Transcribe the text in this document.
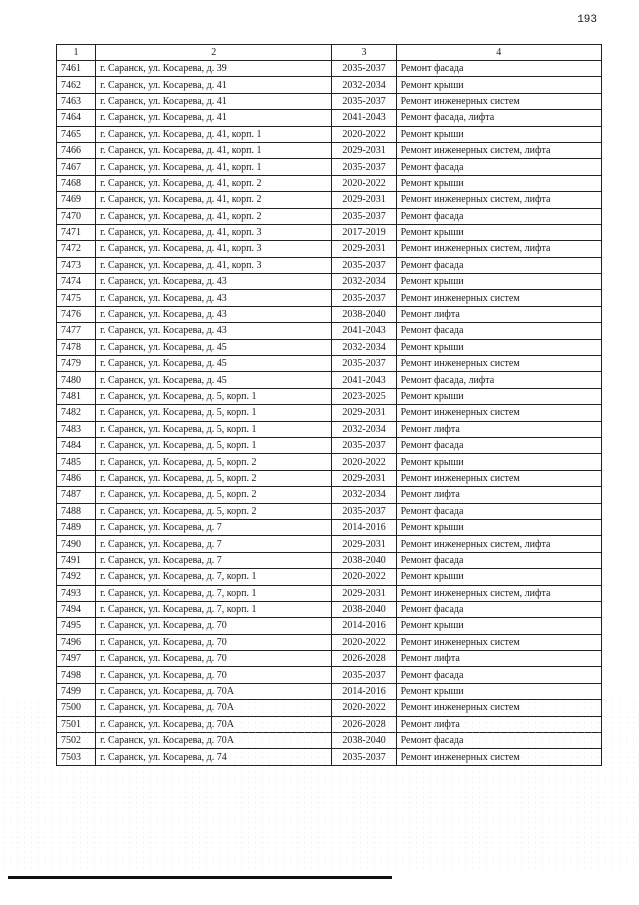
193
1	2	3	4
7461	г. Саранск, ул. Косарева, д. 39	2035-2037	Ремонт фасада
7462	г. Саранск, ул. Косарева, д. 41	2032-2034	Ремонт крыши
7463	г. Саранск, ул. Косарева, д. 41	2035-2037	Ремонт инженерных систем
7464	г. Саранск, ул. Косарева, д. 41	2041-2043	Ремонт фасада, лифта
7465	г. Саранск, ул. Косарева, д. 41, корп. 1	2020-2022	Ремонт крыши
7466	г. Саранск, ул. Косарева, д. 41, корп. 1	2029-2031	Ремонт инженерных систем, лифта
7467	г. Саранск, ул. Косарева, д. 41, корп. 1	2035-2037	Ремонт фасада
7468	г. Саранск, ул. Косарева, д. 41, корп. 2	2020-2022	Ремонт крыши
7469	г. Саранск, ул. Косарева, д. 41, корп. 2	2029-2031	Ремонт инженерных систем, лифта
7470	г. Саранск, ул. Косарева, д. 41, корп. 2	2035-2037	Ремонт фасада
7471	г. Саранск, ул. Косарева, д. 41, корп. 3	2017-2019	Ремонт крыши
7472	г. Саранск, ул. Косарева, д. 41, корп. 3	2029-2031	Ремонт инженерных систем, лифта
7473	г. Саранск, ул. Косарева, д. 41, корп. 3	2035-2037	Ремонт фасада
7474	г. Саранск, ул. Косарева, д. 43	2032-2034	Ремонт крыши
7475	г. Саранск, ул. Косарева, д. 43	2035-2037	Ремонт инженерных систем
7476	г. Саранск, ул. Косарева, д. 43	2038-2040	Ремонт лифта
7477	г. Саранск, ул. Косарева, д. 43	2041-2043	Ремонт фасада
7478	г. Саранск, ул. Косарева, д. 45	2032-2034	Ремонт крыши
7479	г. Саранск, ул. Косарева, д. 45	2035-2037	Ремонт инженерных систем
7480	г. Саранск, ул. Косарева, д. 45	2041-2043	Ремонт фасада, лифта
7481	г. Саранск, ул. Косарева, д. 5, корп. 1	2023-2025	Ремонт крыши
7482	г. Саранск, ул. Косарева, д. 5, корп. 1	2029-2031	Ремонт инженерных систем
7483	г. Саранск, ул. Косарева, д. 5, корп. 1	2032-2034	Ремонт лифта
7484	г. Саранск, ул. Косарева, д. 5, корп. 1	2035-2037	Ремонт фасада
7485	г. Саранск, ул. Косарева, д. 5, корп. 2	2020-2022	Ремонт крыши
7486	г. Саранск, ул. Косарева, д. 5, корп. 2	2029-2031	Ремонт инженерных систем
7487	г. Саранск, ул. Косарева, д. 5, корп. 2	2032-2034	Ремонт лифта
7488	г. Саранск, ул. Косарева, д. 5, корп. 2	2035-2037	Ремонт фасада
7489	г. Саранск, ул. Косарева, д. 7	2014-2016	Ремонт крыши
7490	г. Саранск, ул. Косарева, д. 7	2029-2031	Ремонт инженерных систем, лифта
7491	г. Саранск, ул. Косарева, д. 7	2038-2040	Ремонт фасада
7492	г. Саранск, ул. Косарева, д. 7, корп. 1	2020-2022	Ремонт крыши
7493	г. Саранск, ул. Косарева, д. 7, корп. 1	2029-2031	Ремонт инженерных систем, лифта
7494	г. Саранск, ул. Косарева, д. 7, корп. 1	2038-2040	Ремонт фасада
7495	г. Саранск, ул. Косарева, д. 70	2014-2016	Ремонт крыши
7496	г. Саранск, ул. Косарева, д. 70	2020-2022	Ремонт инженерных систем
7497	г. Саранск, ул. Косарева, д. 70	2026-2028	Ремонт лифта
7498	г. Саранск, ул. Косарева, д. 70	2035-2037	Ремонт фасада
7499	г. Саранск, ул. Косарева, д. 70А	2014-2016	Ремонт крыши
7500	г. Саранск, ул. Косарева, д. 70А	2020-2022	Ремонт инженерных систем
7501	г. Саранск, ул. Косарева, д. 70А	2026-2028	Ремонт лифта
7502	г. Саранск, ул. Косарева, д. 70А	2038-2040	Ремонт фасада
7503	г. Саранск, ул. Косарева, д. 74	2035-2037	Ремонт инженерных систем
